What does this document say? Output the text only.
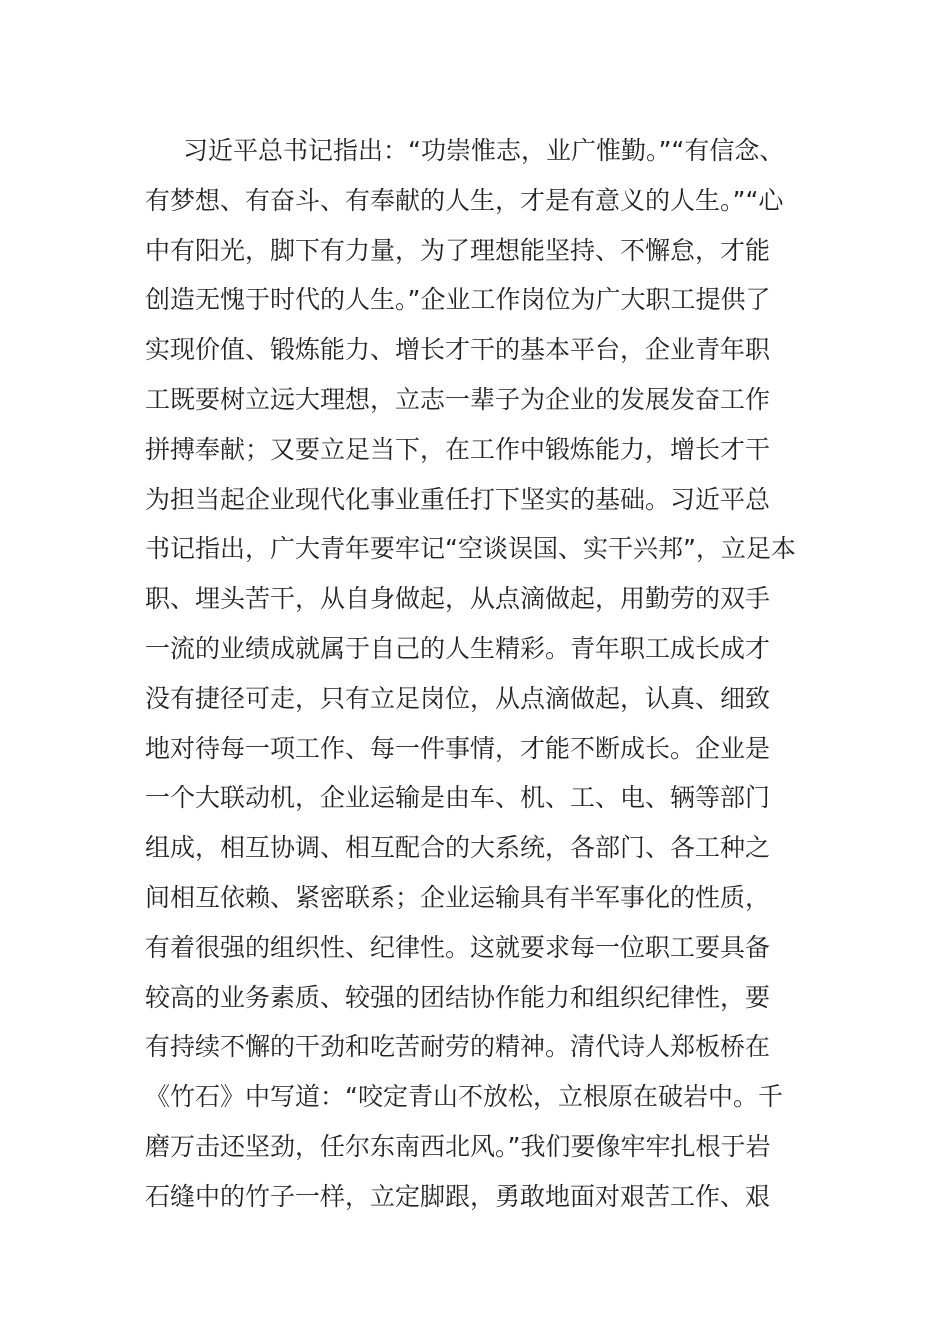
习近平总书记指出：“功崇惟志，业广惟勤。”“有信念、
有梦想、有奋斗、有奉献的人生，才是有意义的人生。”“心
中有阳光，脚下有力量，为了理想能坚持、不懈怠，才能
创造无愧于时代的人生。”企业工作岗位为广大职工提供了
实现价值、锻炼能力、增长才干的基本平台，企业青年职
工既要树立远大理想，立志一辈子为企业的发展发奋工作
拼搏奉献；又要立足当下，在工作中锻炼能力，增长才干
为担当起企业现代化事业重任打下坚实的基础。习近平总
书记指出，广大青年要牢记“空谈误国、实干兴邦”，立足本
职、埋头苦干，从自身做起，从点滴做起，用勤劳的双手
一流的业绩成就属于自己的人生精彩。青年职工成长成才
没有捷径可走，只有立足岗位，从点滴做起，认真、细致
地对待每一项工作、每一件事情，才能不断成长。企业是
一个大联动机，企业运输是由车、机、工、电、辆等部门
组成，相互协调、相互配合的大系统，各部门、各工种之
间相互依赖、紧密联系；企业运输具有半军事化的性质，
有着很强的组织性、纪律性。这就要求每一位职工要具备
较高的业务素质、较强的团结协作能力和组织纪律性，要
有持续不懈的干劲和吃苦耐劳的精神。清代诗人郑板桥在
《竹石》中写道：“咬定青山不放松，立根原在破岩中。千
磨万击还坚劲，任尔东南西北风。”我们要像牢牢扎根于岩
石缝中的竹子一样，立定脚跟，勇敢地面对艰苦工作、艰
